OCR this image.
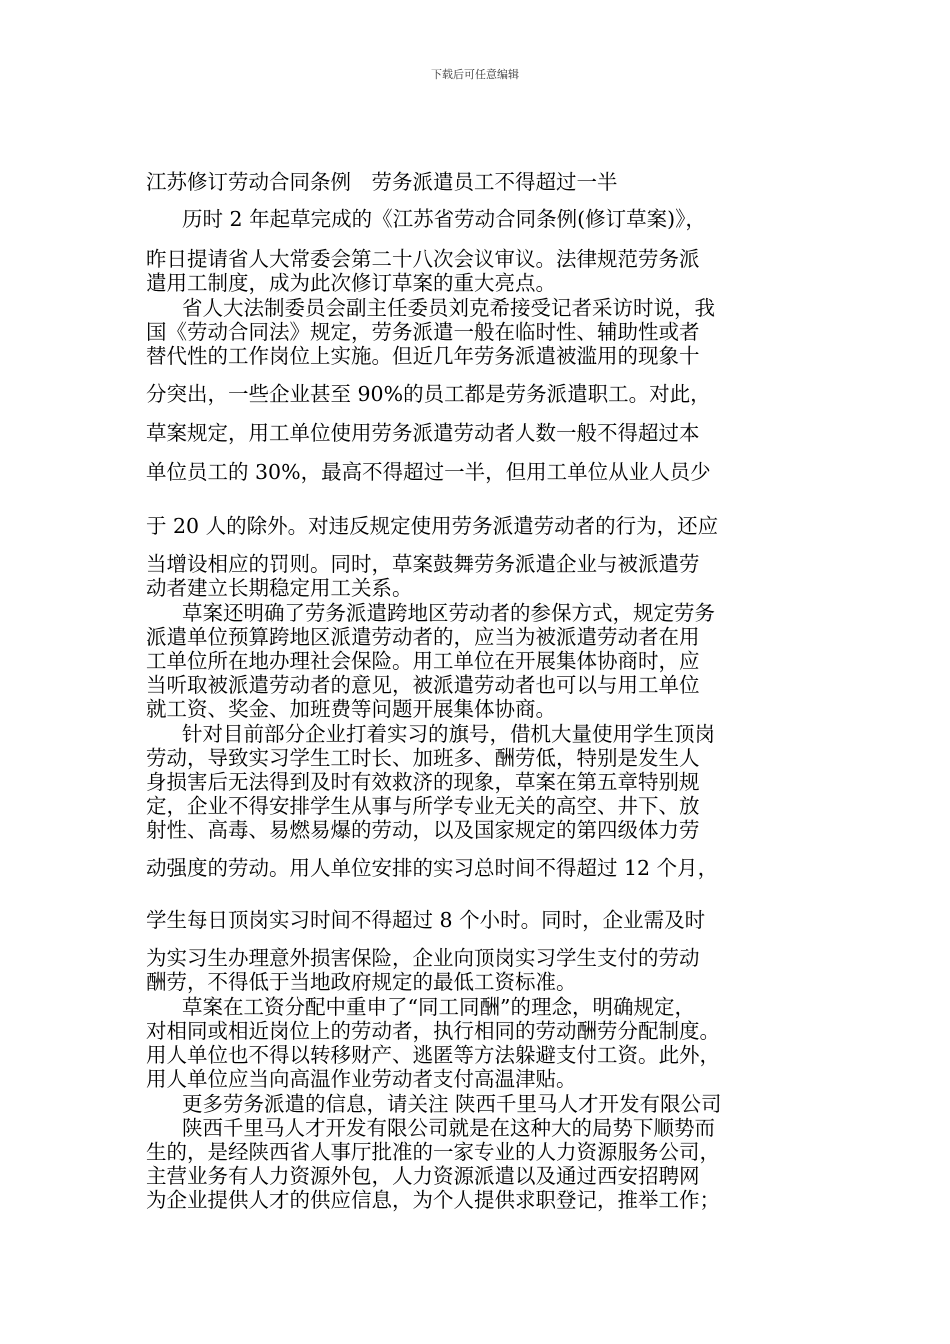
下载后可任意编辑
江苏修订劳动合同条例　劳务派遣员工不得超过一半
历时 2 年起草完成的《江苏省劳动合同条例(修订草案)》，
昨日提请省人大常委会第二十八次会议审议。法律规范劳务派
遣用工制度，成为此次修订草案的重大亮点。
省人大法制委员会副主任委员刘克希接受记者采访时说，我
国《劳动合同法》规定，劳务派遣一般在临时性、辅助性或者
替代性的工作岗位上实施。但近几年劳务派遣被滥用的现象十
分突出，一些企业甚至 90%的员工都是劳务派遣职工。对此，
草案规定，用工单位使用劳务派遣劳动者人数一般不得超过本
单位员工的 30%，最高不得超过一半，但用工单位从业人员少
于 20 人的除外。对违反规定使用劳务派遣劳动者的行为，还应
当增设相应的罚则。同时，草案鼓舞劳务派遣企业与被派遣劳
动者建立长期稳定用工关系。
草案还明确了劳务派遣跨地区劳动者的参保方式，规定劳务
派遣单位预算跨地区派遣劳动者的，应当为被派遣劳动者在用
工单位所在地办理社会保险。用工单位在开展集体协商时，应
当听取被派遣劳动者的意见，被派遣劳动者也可以与用工单位
就工资、奖金、加班费等问题开展集体协商。
针对目前部分企业打着实习的旗号，借机大量使用学生顶岗
劳动，导致实习学生工时长、加班多、酬劳低，特别是发生人
身损害后无法得到及时有效救济的现象，草案在第五章特别规
定，企业不得安排学生从事与所学专业无关的高空、井下、放
射性、高毒、易燃易爆的劳动，以及国家规定的第四级体力劳
动强度的劳动。用人单位安排的实习总时间不得超过 12 个月，
学生每日顶岗实习时间不得超过 8 个小时。同时，企业需及时
为实习生办理意外损害保险，企业向顶岗实习学生支付的劳动
酬劳，不得低于当地政府规定的最低工资标准。
草案在工资分配中重申了“同工同酬”的理念，明确规定，
对相同或相近岗位上的劳动者，执行相同的劳动酬劳分配制度。
用人单位也不得以转移财产、逃匿等方法躲避支付工资。此外，
用人单位应当向高温作业劳动者支付高温津贴。
更多劳务派遣的信息，请关注 陕西千里马人才开发有限公司
陕西千里马人才开发有限公司就是在这种大的局势下顺势而
生的，是经陕西省人事厅批准的一家专业的人力资源服务公司，
主营业务有人力资源外包，人力资源派遣以及通过西安招聘网
为企业提供人才的供应信息，为个人提供求职登记，推举工作；
